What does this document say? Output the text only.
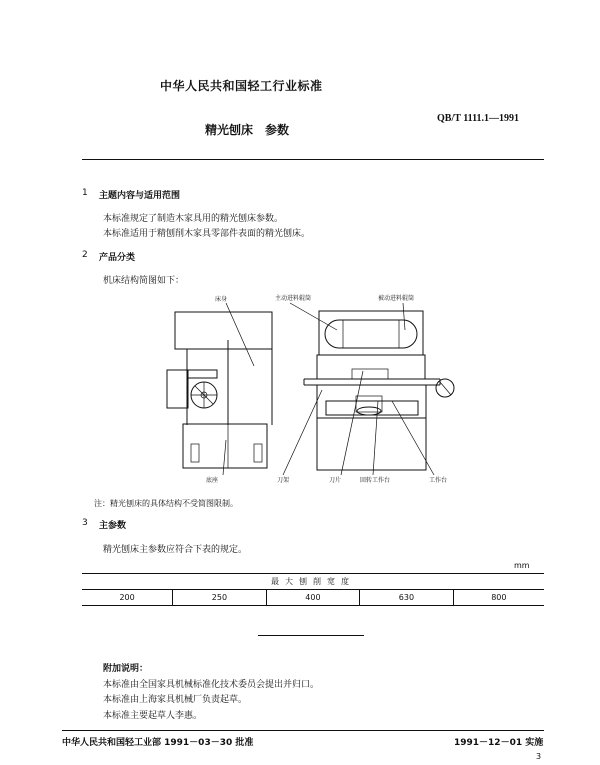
中华人民共和国轻工行业标准
精光刨床　参数
QB/T 1111.1—1991
1 主题内容与适用范围
本标准规定了制造木家具用的精光刨床参数。
本标准适用于精刨削木家具零部件表面的精光刨床。
2 产品分类
机床结构简图如下：
床身	主动进料辊筒	被动进料辊筒
底座	刀架	刀片	回转工作台	工作台
注：精光刨床的具体结构不受简图限制。
3 主参数
精光刨床主参数应符合下表的规定。
mm
最大刨削宽度
200	250	400	630	800
附加说明：
本标准由全国家具机械标准化技术委员会提出并归口。
本标准由上海家具机械厂负责起草。
本标准主要起草人李惠。
中华人民共和国轻工业部 1991－03－30 批准	1991－12－01 实施
3
